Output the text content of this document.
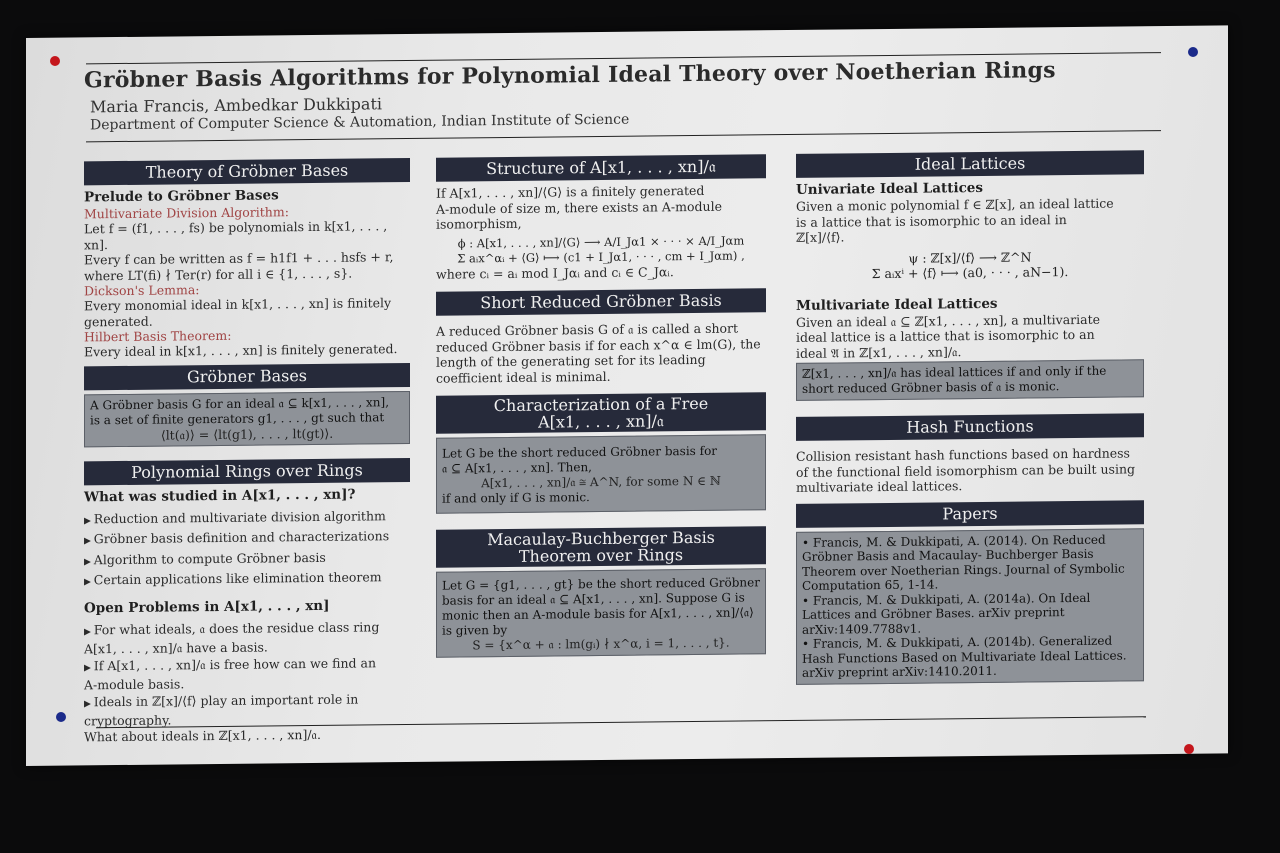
Gröbner Basis Algorithms for Polynomial Ideal Theory over Noetherian Rings
Maria Francis, Ambedkar Dukkipati
Department of Computer Science & Automation, Indian Institute of Science
Theory of Gröbner Bases
Prelude to Gröbner Bases
Multivariate Division Algorithm:
Let f = (f1, . . . , fs) be polynomials in k[x1, . . . , xn].
Every f can be written as f = h1f1 + . . . hsfs + r,
where LT(fi) ∤ Ter(r) for all i ∈ {1, . . . , s}.
Dickson's Lemma:
Every monomial ideal in k[x1, . . . , xn] is finitely generated.
Hilbert Basis Theorem:
Every ideal in k[x1, . . . , xn] is finitely generated.
Gröbner Bases
A Gröbner basis G for an ideal 𝔞 ⊆ k[x1, . . . , xn],
is a set of finite generators g1, . . . , gt such that
⟨lt(𝔞)⟩ = ⟨lt(g1), . . . , lt(gt)⟩.
Polynomial Rings over Rings
What was studied in A[x1, . . . , xn]?
▶ Reduction and multivariate division algorithm
▶ Gröbner basis definition and characterizations
▶ Algorithm to compute Gröbner basis
▶ Certain applications like elimination theorem
Open Problems in A[x1, . . . , xn]
▶ For what ideals, 𝔞 does the residue class ring
A[x1, . . . , xn]/𝔞 have a basis.
▶ If A[x1, . . . , xn]/𝔞 is free how can we find an
A-module basis.
▶ Ideals in ℤ[x]/⟨f⟩ play an important role in
cryptography.
What about ideals in ℤ[x1, . . . , xn]/𝔞.
Structure of A[x1, . . . , xn]/𝔞
If A[x1, . . . , xn]/⟨G⟩ is a finitely generated
A-module of size m, there exists an A-module
isomorphism,
ϕ : A[x1, . . . , xn]/⟨G⟩ ⟶ A/I_Jα1 × · · · × A/I_Jαm
Σ aᵢx^αᵢ + ⟨G⟩ ⟼ (c1 + I_Jα1, · · · , cm + I_Jαm) ,
where cᵢ = aᵢ mod I_Jαᵢ and cᵢ ∈ C_Jαᵢ.
Short Reduced Gröbner Basis
A reduced Gröbner basis G of 𝔞 is called a short reduced Gröbner basis if for each x^α ∈ lm(G), the length of the generating set for its leading coefficient ideal is minimal.
Characterization of a Free
A[x1, . . . , xn]/𝔞
Let G be the short reduced Gröbner basis for
𝔞 ⊆ A[x1, . . . , xn]. Then,
A[x1, . . . , xn]/𝔞 ≅ A^N, for some N ∈ ℕ
if and only if G is monic.
Macaulay-Buchberger Basis
Theorem over Rings
Let G = {g1, . . . , gt} be the short reduced Gröbner
basis for an ideal 𝔞 ⊆ A[x1, . . . , xn]. Suppose G is
monic then an A-module basis for A[x1, . . . , xn]/⟨𝔞⟩
is given by
S = {x^α + 𝔞 : lm(gᵢ) ∤ x^α, i = 1, . . . , t}.
Ideal Lattices
Univariate Ideal Lattices
Given a monic polynomial f ∈ ℤ[x], an ideal lattice
is a lattice that is isomorphic to an ideal in
ℤ[x]/⟨f⟩.
ψ : ℤ[x]/⟨f⟩ ⟶ ℤ^N
Σ aᵢxⁱ + ⟨f⟩ ⟼ (a0, · · · , aN−1).
Multivariate Ideal Lattices
Given an ideal 𝔞 ⊆ ℤ[x1, . . . , xn], a multivariate
ideal lattice is a lattice that is isomorphic to an
ideal 𝔄 in ℤ[x1, . . . , xn]/𝔞.
ℤ[x1, . . . , xn]/𝔞 has ideal lattices if and only if the
short reduced Gröbner basis of 𝔞 is monic.
Hash Functions
Collision resistant hash functions based on hardness of the functional field isomorphism can be built using multivariate ideal lattices.
Papers
• Francis, M. & Dukkipati, A. (2014). On Reduced Gröbner Basis and Macaulay- Buchberger Basis Theorem over Noetherian Rings. Journal of Symbolic Computation 65, 1-14.
• Francis, M. & Dukkipati, A. (2014a). On Ideal Lattices and Gröbner Bases. arXiv preprint arXiv:1409.7788v1.
• Francis, M. & Dukkipati, A. (2014b). Generalized Hash Functions Based on Multivariate Ideal Lattices. arXiv preprint arXiv:1410.2011.
